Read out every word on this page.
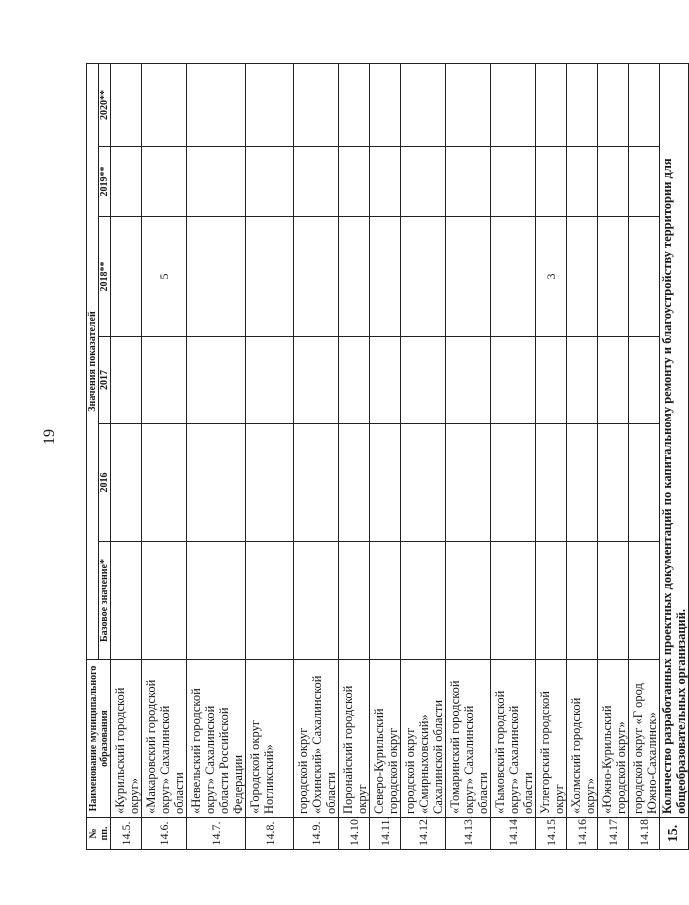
19
№ пп.	Наименование муниципального образования	Значения показателей					
		Базовое значение*	2016	2017	2018**	2019**	2020**
14.5.	«Курильский городской округ»						
14.6.	«Макаровский городской округ» Сахалинской области				5		
14.7.	«Невельский городской округ» Сахалинской области Российской Федерации						
14.8.	«Городской округ Ногликский»						
14.9.	городской округ «Охинский» Сахалинской области						
14.10.	Поронайский городской округ						
14.11.	Северо-Курильский городской округ						
14.12.	городской округ «Смирныховский» Сахалинской области						
14.13.	«Томаринский городской округ» Сахалинской области						
14.14.	«Тымовский городской округ» Сахалинской области						
14.15.	Углегорский городской округ				3		
14.16.	«Холмский городской округ»						
14.17.	«Южно-Курильский городской округ»						
14.18.	городской округ «Г ород Южно-Сахалинск»						
15.	Количество разработанных проектных документаций по капитальному ремонту и благоустройству территории для общеобразовательных организаций.						
